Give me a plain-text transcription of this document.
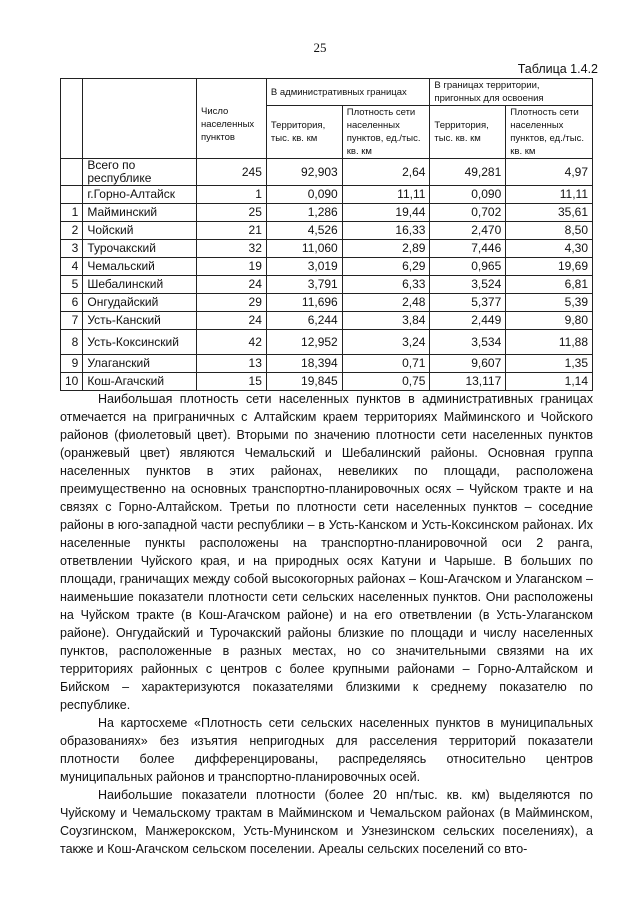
25
Таблица 1.4.2
		Число населенных пунктов	В административных границах		В границах территории, пригонных для освоения	
			Территория, тыс. кв. км	Плотность сети населенных пунктов, ед./тыс. кв. км	Территория, тыс. кв. км	Плотность сети населенных пунктов, ед./тыс. кв. км
	Всего по республике	245	92,903	2,64	49,281	4,97
	г.Горно-Алтайск	1	0,090	11,11	0,090	11,11
1	Майминский	25	1,286	19,44	0,702	35,61
2	Чойский	21	4,526	16,33	2,470	8,50
3	Турочакский	32	11,060	2,89	7,446	4,30
4	Чемальский	19	3,019	6,29	0,965	19,69
5	Шебалинский	24	3,791	6,33	3,524	6,81
6	Онгудайский	29	11,696	2,48	5,377	5,39
7	Усть-Канский	24	6,244	3,84	2,449	9,80
8	Усть-Коксинский	42	12,952	3,24	3,534	11,88
9	Улаганский	13	18,394	0,71	9,607	1,35
10	Кош-Агачский	15	19,845	0,75	13,117	1,14

Наибольшая плотность сети населенных пунктов в административных границах отмечается на приграничных с Алтайским краем территориях Майминского и Чойского районов (фиолетовый цвет). Вторыми по значению плотности сети населенных пунктов (оранжевый цвет) являются Чемальский и Шебалинский районы. Основная группа населенных пунктов в этих районах, невеликих по площади, расположена преимущественно на основных транспортно-планировочных осях – Чуйском тракте и на связях с Горно-Алтайском. Третьи по плотности сети населенных пунктов – соседние районы в юго-западной части республики – в Усть-Канском и Усть-Коксинском районах. Их населенные пункты расположены на транспортно-планировочной оси 2 ранга, ответвлении Чуйского края, и на природных осях Катуни и Чарыше. В больших по площади, граничащих между собой высокогорных районах – Кош-Агачском и Улаганском – наименьшие показатели плотности сети сельских населенных пунктов. Они расположены на Чуйском тракте (в Кош-Агачском районе) и на его ответвлении (в Усть-Улаганском районе). Онгудайский и Турочакский районы близкие по площади и числу населенных пунктов, расположенные в разных местах, но со значительными связями на их территориях районных с центров с более крупными районами – Горно-Алтайском и Бийском – характеризуются показателями близкими к среднему показателю по республике.

На картосхеме «Плотность сети сельских населенных пунктов в муниципальных образованиях» без изъятия непригодных для расселения территорий показатели плотности более дифференцированы, распределяясь относительно центров муниципальных районов и транспортно-планировочных осей.

Наибольшие показатели плотности (более 20 нп/тыс. кв. км) выделяются по Чуйскому и Чемальскому трактам в Майминском и Чемальском районах (в Майминском, Соузгинском, Манжерокском, Усть-Мунинском и Узнезинском сельских поселениях), а также и Кош-Агачском сельском поселении. Ареалы сельских поселений со вто-
